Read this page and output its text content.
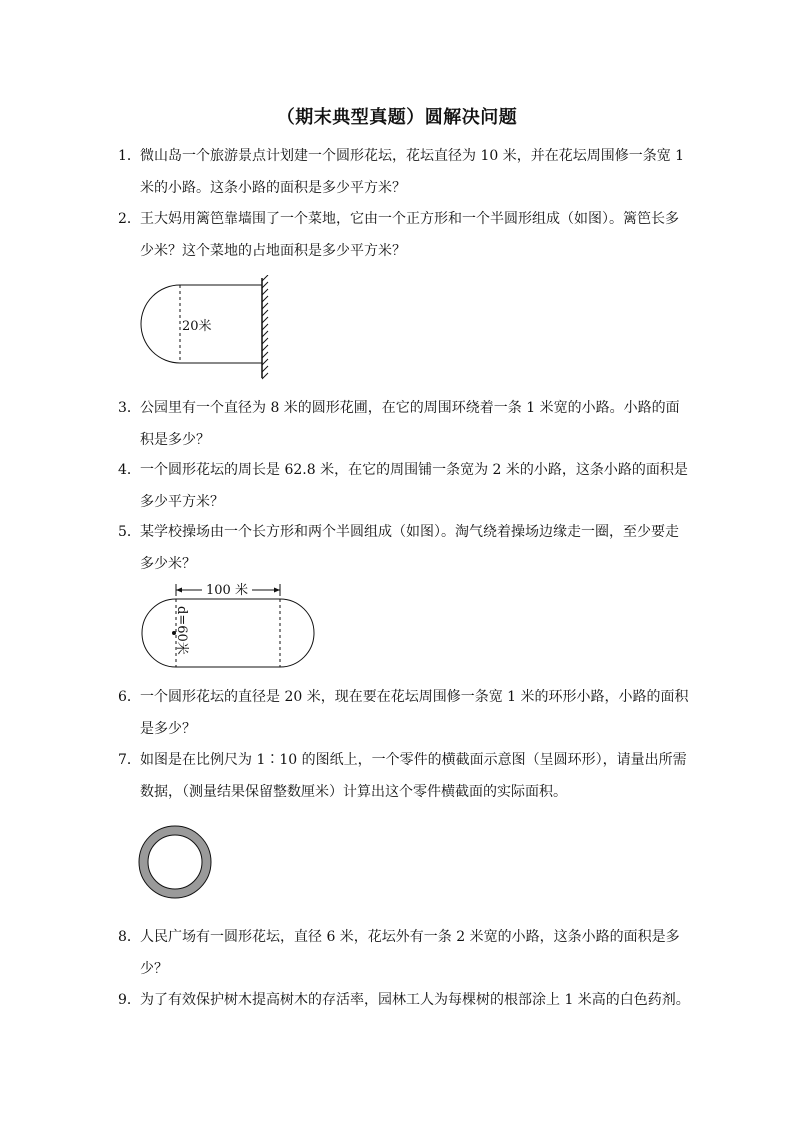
（期末典型真题）圆解决问题
1． 微山岛一个旅游景点计划建一个圆形花坛，花坛直径为 10 米，并在花坛周围修一条宽 1
米的小路。这条小路的面积是多少平方米？
2． 王大妈用篱笆靠墙围了一个菜地，它由一个正方形和一个半圆形组成（如图）。篱笆长多
少米？这个菜地的占地面积是多少平方米？
20米
3． 公园里有一个直径为 8 米的圆形花圃，在它的周围环绕着一条 1 米宽的小路。小路的面
积是多少？
4． 一个圆形花坛的周长是 62.8 米，在它的周围铺一条宽为 2 米的小路，这条小路的面积是
多少平方米？
5． 某学校操场由一个长方形和两个半圆组成（如图）。淘气绕着操场边缘走一圈，至少要走
多少米？
100 米
d=60米
6． 一个圆形花坛的直径是 20 米，现在要在花坛周围修一条宽 1 米的环形小路，小路的面积
是多少？
7． 如图是在比例尺为 1∶10 的图纸上，一个零件的横截面示意图（呈圆环形），请量出所需
数据，（测量结果保留整数厘米）计算出这个零件横截面的实际面积。
8． 人民广场有一圆形花坛，直径 6 米，花坛外有一条 2 米宽的小路，这条小路的面积是多
少？
9． 为了有效保护树木提高树木的存活率，园林工人为每棵树的根部涂上 1 米高的白色药剂。
